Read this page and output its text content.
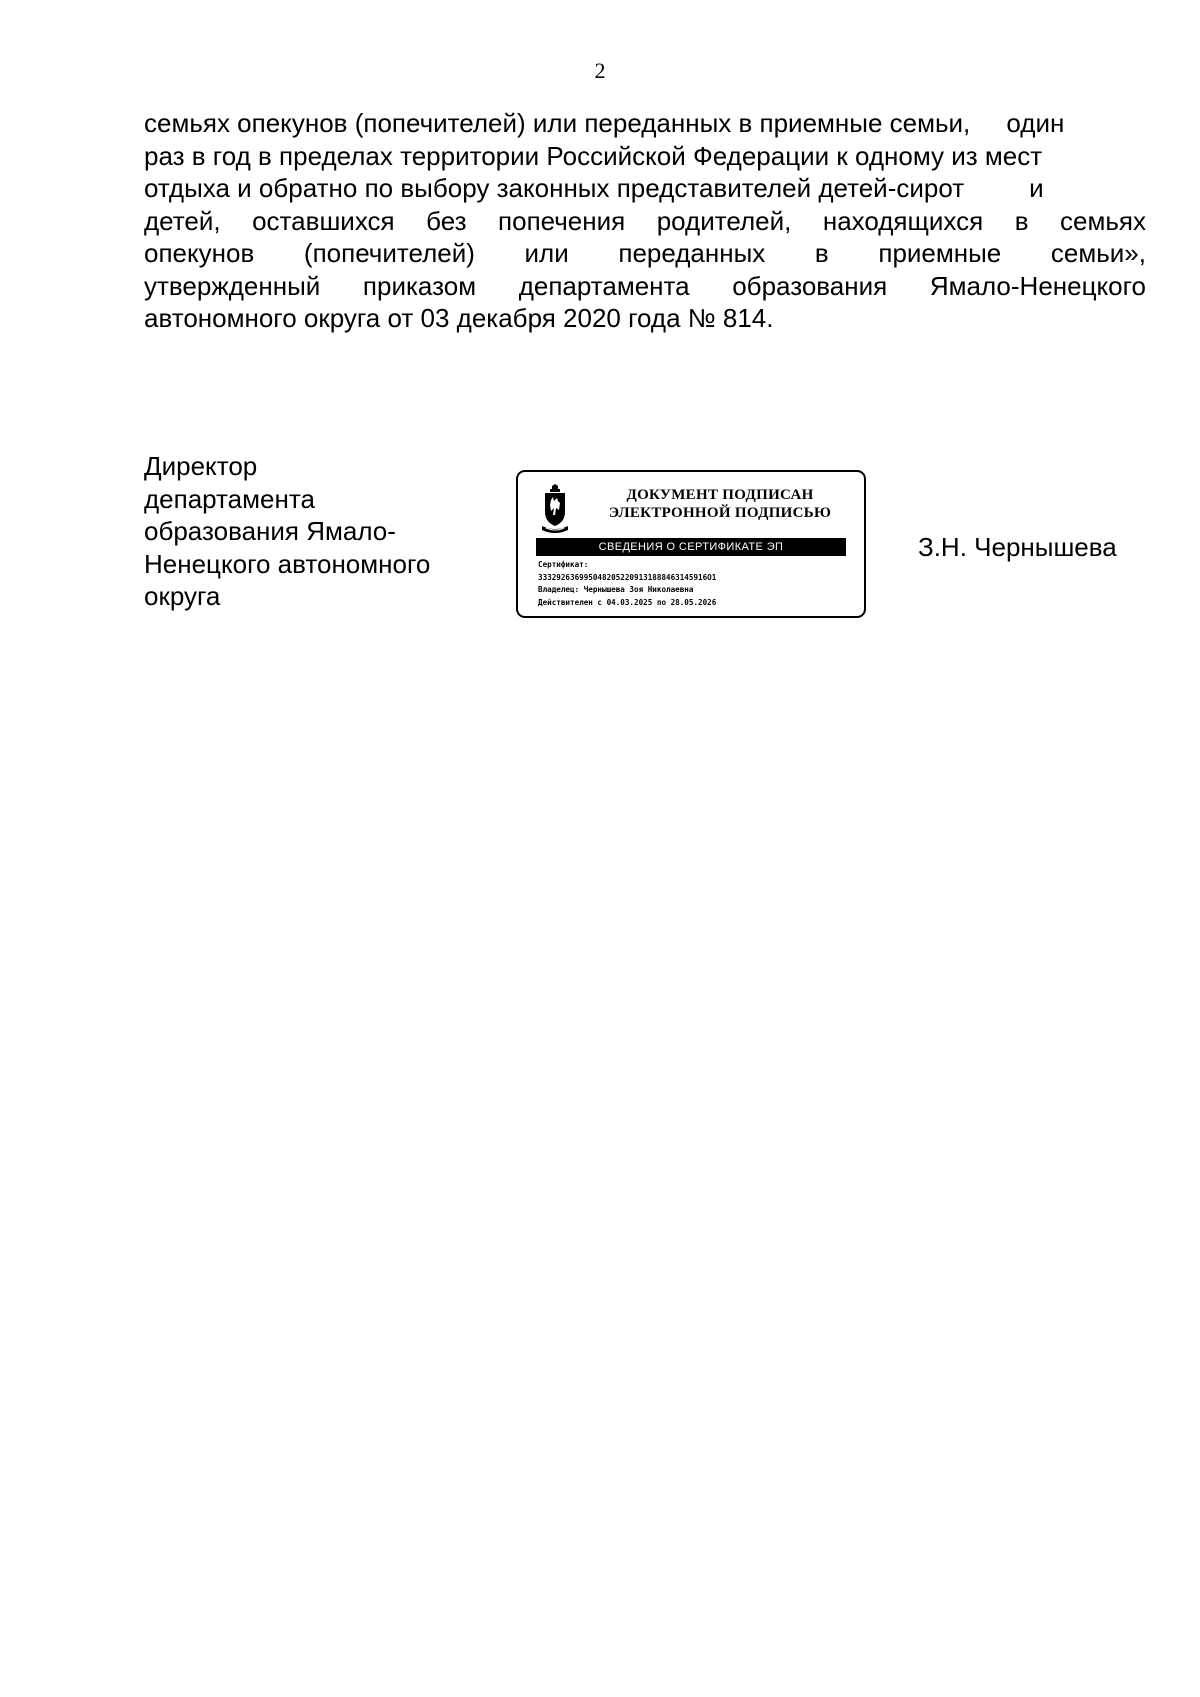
2
семьях опекунов (попечителей) или переданных в приемные семьи,     один
раз в год в пределах территории Российской Федерации к одному из мест
отдыха и обратно по выбору законных представителей детей-сирот         и
детей, оставшихся без попечения родителей, находящихся в семьях
опекунов (попечителей) или переданных в приемные семьи»,
утвержденный приказом департамента образования Ямало-Ненецкого
автономного округа от 03 декабря 2020 года № 814.
Директор
департамента
образования Ямало-
Ненецкого автономного
округа
ДОКУМЕНТ ПОДПИСАН
ЭЛЕКТРОННОЙ ПОДПИСЬЮ
СВЕДЕНИЯ О СЕРТИФИКАТЕ ЭП
Сертификат:
3332926369950482052209131888463145916O1
Владелец: Чернышева Зоя Николаевна
Действителен с 04.03.2025 по 28.05.2026
З.Н. Чернышева
